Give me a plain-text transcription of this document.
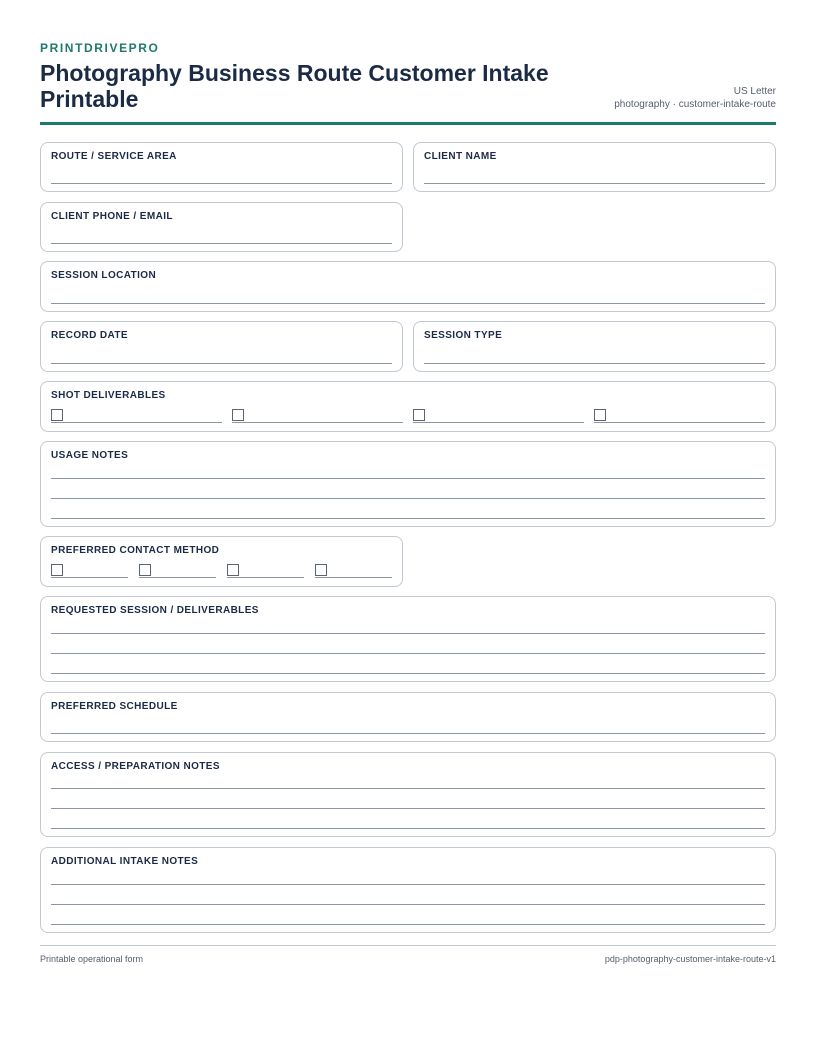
PRINTDRIVEPRO
Photography Business Route Customer Intake Printable	US Letter
photography · customer-intake-route
ROUTE / SERVICE AREA	CLIENT NAME
CLIENT PHONE / EMAIL
SESSION LOCATION
RECORD DATE	SESSION TYPE
SHOT DELIVERABLES
USAGE NOTES
PREFERRED CONTACT METHOD
REQUESTED SESSION / DELIVERABLES
PREFERRED SCHEDULE
ACCESS / PREPARATION NOTES
ADDITIONAL INTAKE NOTES
Printable operational form	pdp-photography-customer-intake-route-v1
